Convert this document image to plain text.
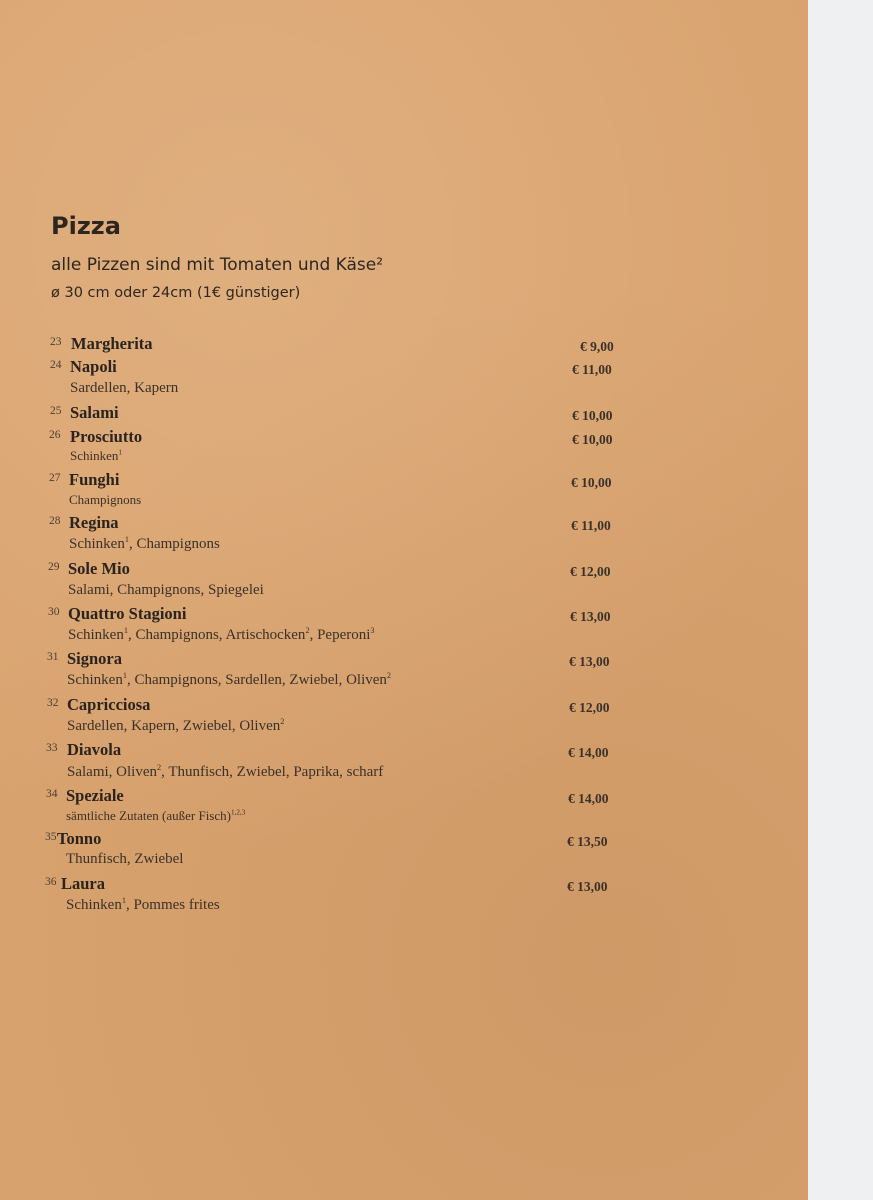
Pizza
alle Pizzen sind mit Tomaten und Käse²
ø 30 cm oder 24cm (1€ günstiger)
23 Margherita	€ 9,00
24 Napoli
Sardellen, Kapern
€ 11,00
25 Salami	€ 10,00
26 Prosciutto
Schinken$^1$
€ 10,00
27 Funghi
Champignons
€ 10,00
28 Regina
Schinken$^1$, Champignons
€ 11,00
29 Sole Mio
Salami, Champignons, Spiegelei
€ 12,00
30 Quattro Stagioni
Schinken$^1$, Champignons, Artischocken$^2$, Peperoni$^3$
€ 13,00
31 Signora
Schinken$^1$, Champignons, Sardellen, Zwiebel, Oliven$^2$
€ 13,00
32 Capricciosa
Sardellen, Kapern, Zwiebel, Oliven$^2$
€ 12,00
33 Diavola
Salami, Oliven$^2$, Thunfisch, Zwiebel, Paprika, scharf
€ 14,00
34 Speziale
sämtliche Zutaten (außer Fisch)$^{1,2,3}$
€ 14,00
35 Tonno
Thunfisch, Zwiebel
€ 13,50
36 Laura
Schinken$^1$, Pommes frites
€ 13,00
